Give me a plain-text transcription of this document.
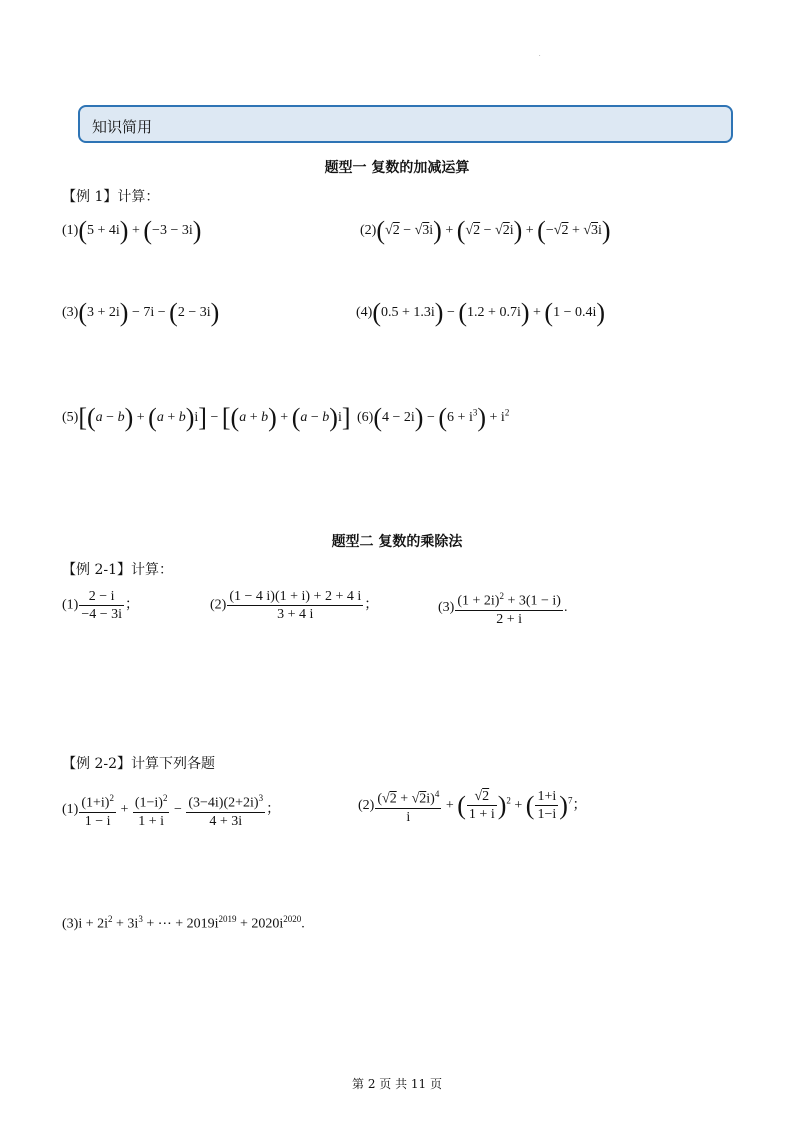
.
知识简用
题型一 复数的加减运算
【例 1】计算：
(1)(5 + 4i) + (−3 − 3i)	(2)(√2 − √3i) + (√2 − √2i) + (−√2 + √3i)
(3)(3 + 2i) − 7i − (2 − 3i)	(4)(0.5 + 1.3i) − (1.2 + 0.7i) + (1 − 0.4i)
(5)[(a − b) + (a + b)i] − [(a + b) + (a − b)i] $(6)(4 - 2i) - (6 + i^3) + i^2$
题型二 复数的乘除法
【例 2-1】计算：
$(1) \frac{2 - i}{-4 - 3i}$ ；	$(2) \frac{(1 - 4 i)(1 + i) + 2 + 4 i}{3 + 4 i}$ ；	$(3) \frac{(1 + 2i)^2 + 3(1 - i)}{2 + i}$ .
【例 2-2】计算下列各题
$(1) \frac{(1+i)^2}{1 - i} + \frac{(1-i)^2}{1 + i} - \frac{(3-4i)(2+2i)^3}{4 + 3i}$ ；	$(2) \frac{(√2 + √2i)^4}{i}$ + ( $\frac{√2}{1 + i} )^2$ + ( $\frac{1+i}{1-i} )^7$；
$(3)i + 2i^2 + 3i^3$ + ⋯ + $2019i^{2019} + 2020i^{2020}$.
第 2 页 共 11 页
